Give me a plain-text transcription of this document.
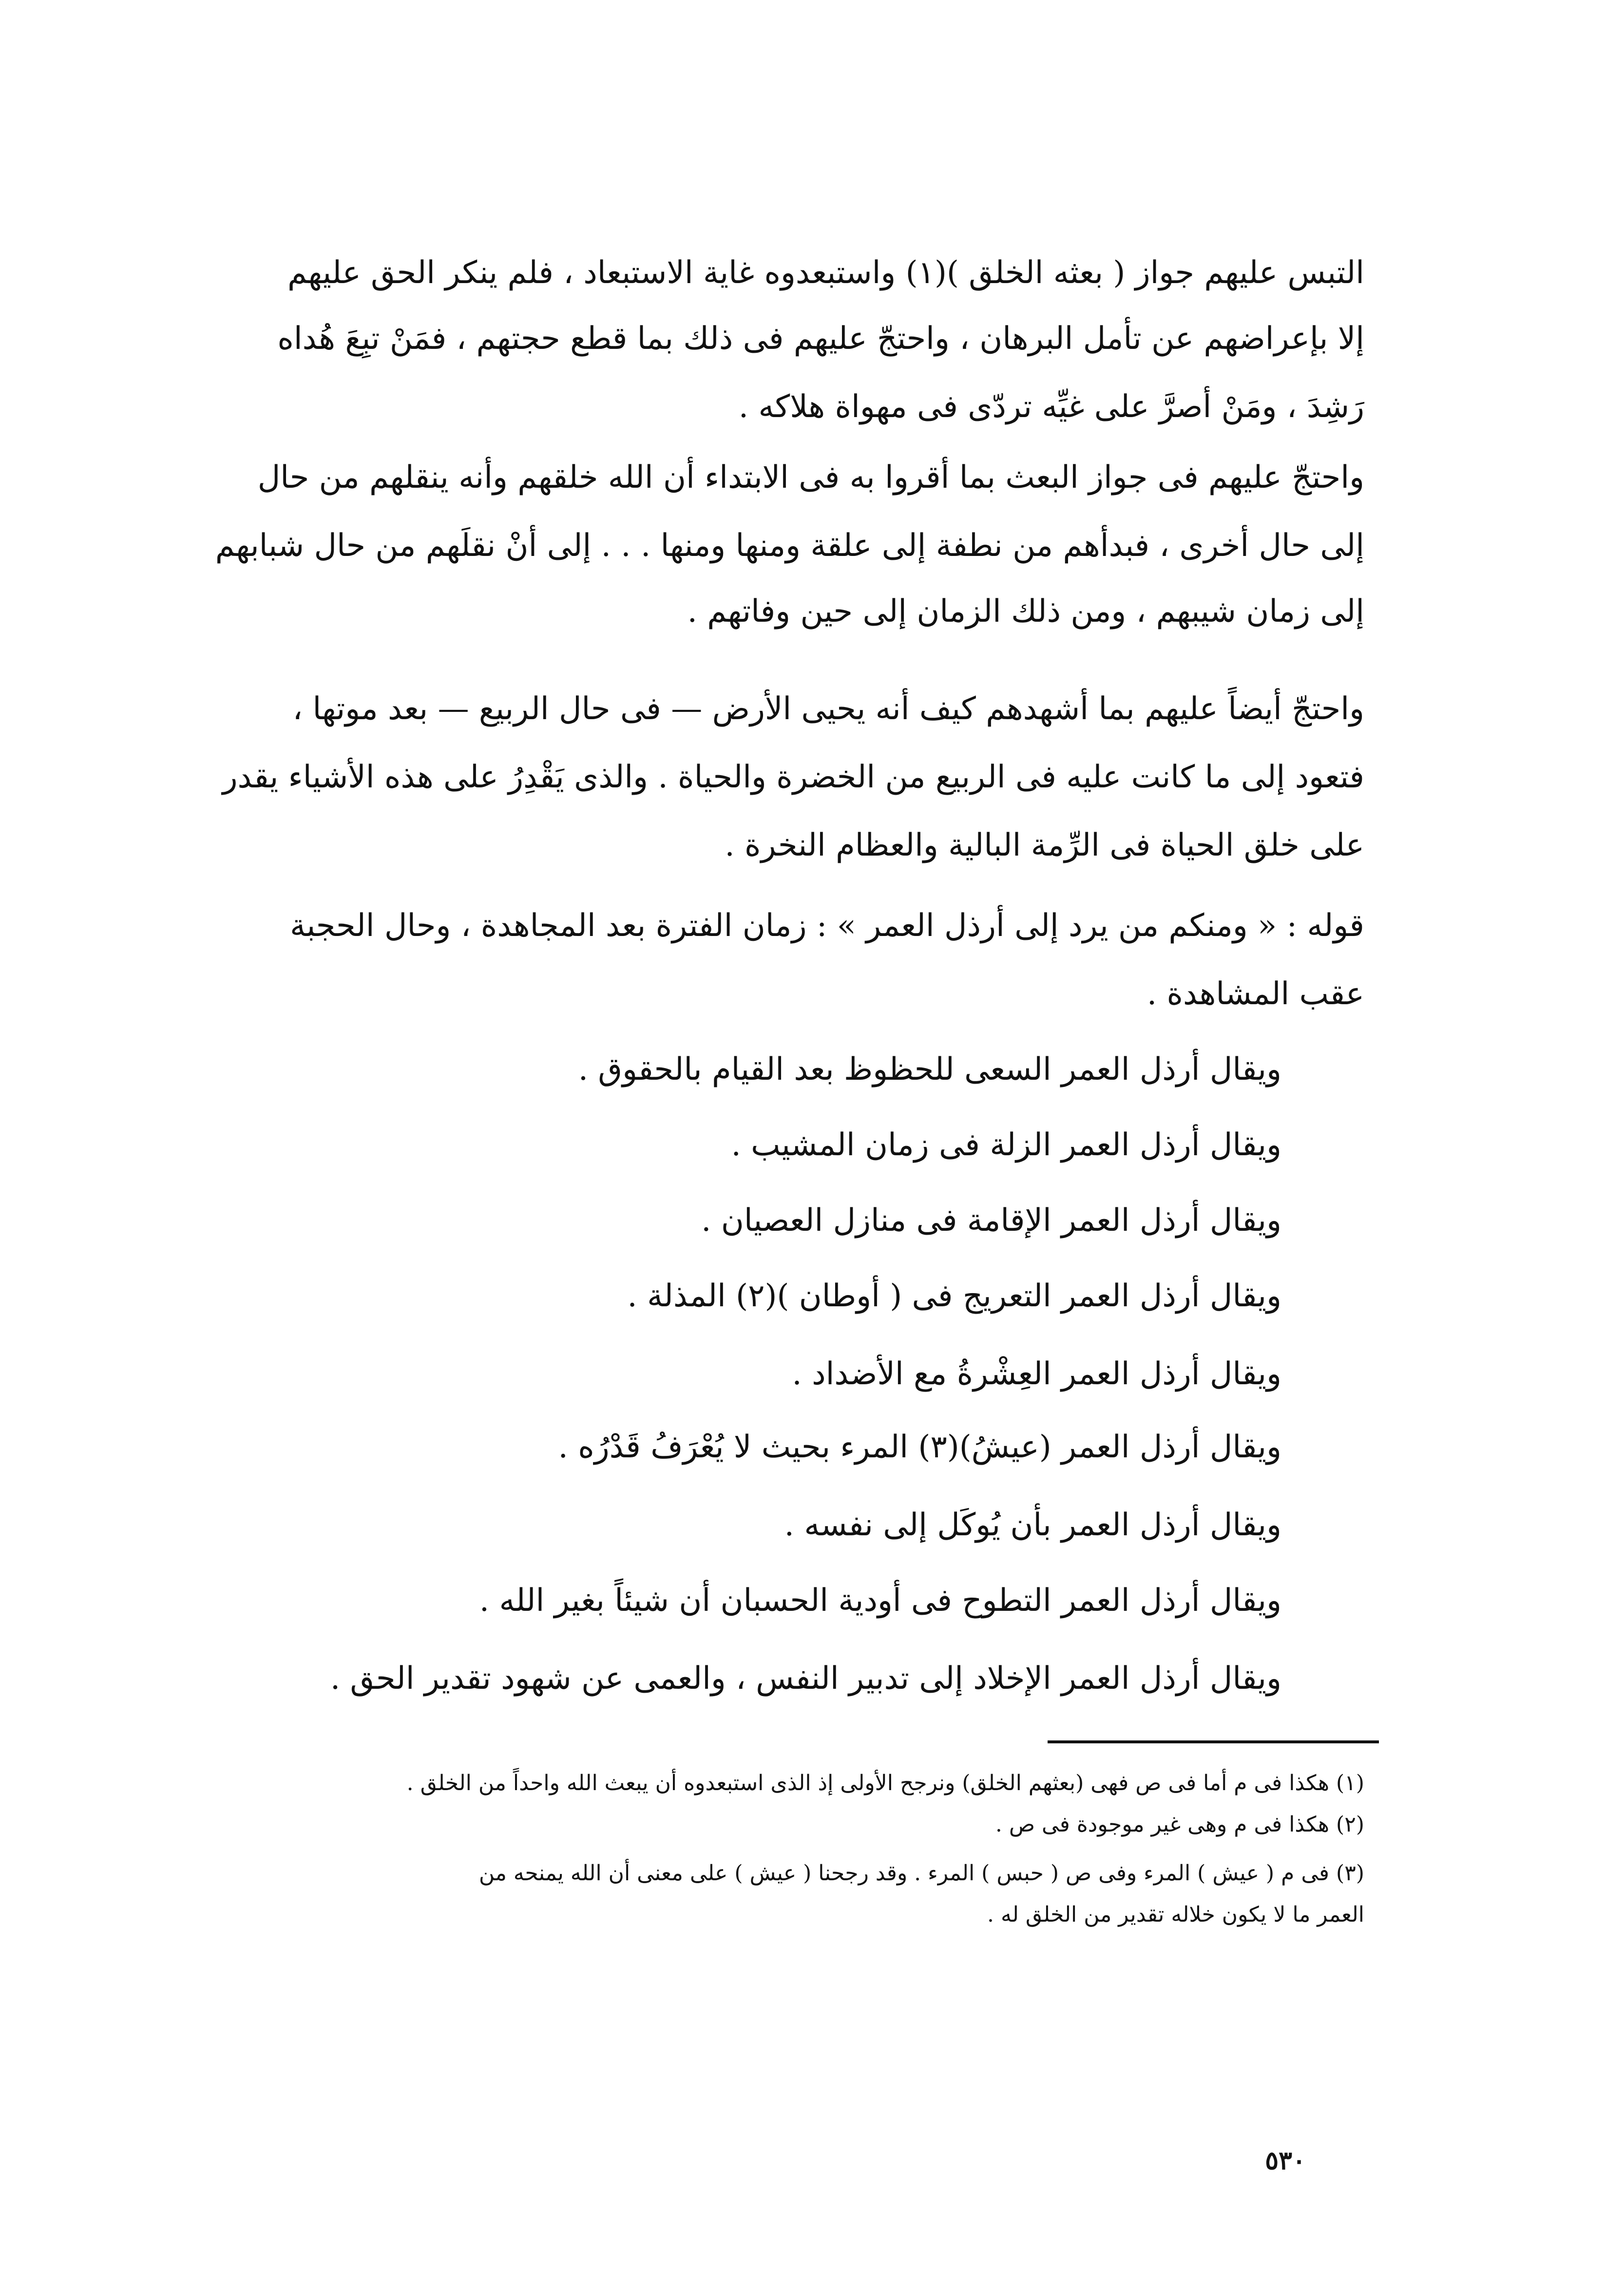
التبس عليهم جواز ( بعثه الخلق )(١) واستبعدوه غاية الاستبعاد ، فلم ينكر الحق عليهم
إلا بإعراضهم عن تأمل البرهان ، واحتجّ عليهم فى ذلك بما قطع حجتهم ، فمَنْ تبِعَ هُداه
رَشِدَ ، ومَنْ أصرَّ على غيِّه تردّى فى مهواة هلاكه .
واحتجّ عليهم فى جواز البعث بما أقروا به فى الابتداء أن الله خلقهم وأنه ينقلهم من حال
إلى حال أخرى ، فبدأهم من نطفة إلى علقة ومنها ومنها . . . إلى أنْ نقلَهم من حال شبابهم
إلى زمان شيبهم ، ومن ذلك الزمان إلى حين وفاتهم .
واحتجّ أيضاً عليهم بما أشهدهم كيف أنه يحيى الأرض — فى حال الربيع — بعد موتها ،
فتعود إلى ما كانت عليه فى الربيع من الخضرة والحياة . والذى يَقْدِرُ على هذه الأشياء يقدر
على خلق الحياة فى الرِّمة البالية والعظام النخرة .
قوله : « ومنكم من يرد إلى أرذل العمر » : زمان الفترة بعد المجاهدة ، وحال الحجبة
عقب المشاهدة .
ويقال أرذل العمر السعى للحظوظ بعد القيام بالحقوق .
ويقال أرذل العمر الزلة فى زمان المشيب .
ويقال أرذل العمر الإقامة فى منازل العصيان .
ويقال أرذل العمر التعريج فى ( أوطان )(٢) المذلة .
ويقال أرذل العمر العِشْرةُ مع الأضداد .
ويقال أرذل العمر (عيشُ)(٣) المرء بحيث لا يُعْرَفُ قَدْرُه .
ويقال أرذل العمر بأن يُوكَل إلى نفسه .
ويقال أرذل العمر التطوح فى أودية الحسبان أن شيئاً بغير الله .
ويقال أرذل العمر الإخلاد إلى تدبير النفس ، والعمى عن شهود تقدير الحق .
(١) هكذا فى م أما فى ص فهى (بعثهم الخلق) ونرجح الأولى إذ الذى استبعدوه أن يبعث الله واحداً من الخلق .
(٢) هكذا فى م وهى غير موجودة فى ص .
(٣) فى م ( عيش ) المرء وفى ص ( حبس ) المرء . وقد رجحنا ( عيش ) على معنى أن الله يمنحه من
العمر ما لا يكون خلاله تقدير من الخلق له .
٥٣٠
